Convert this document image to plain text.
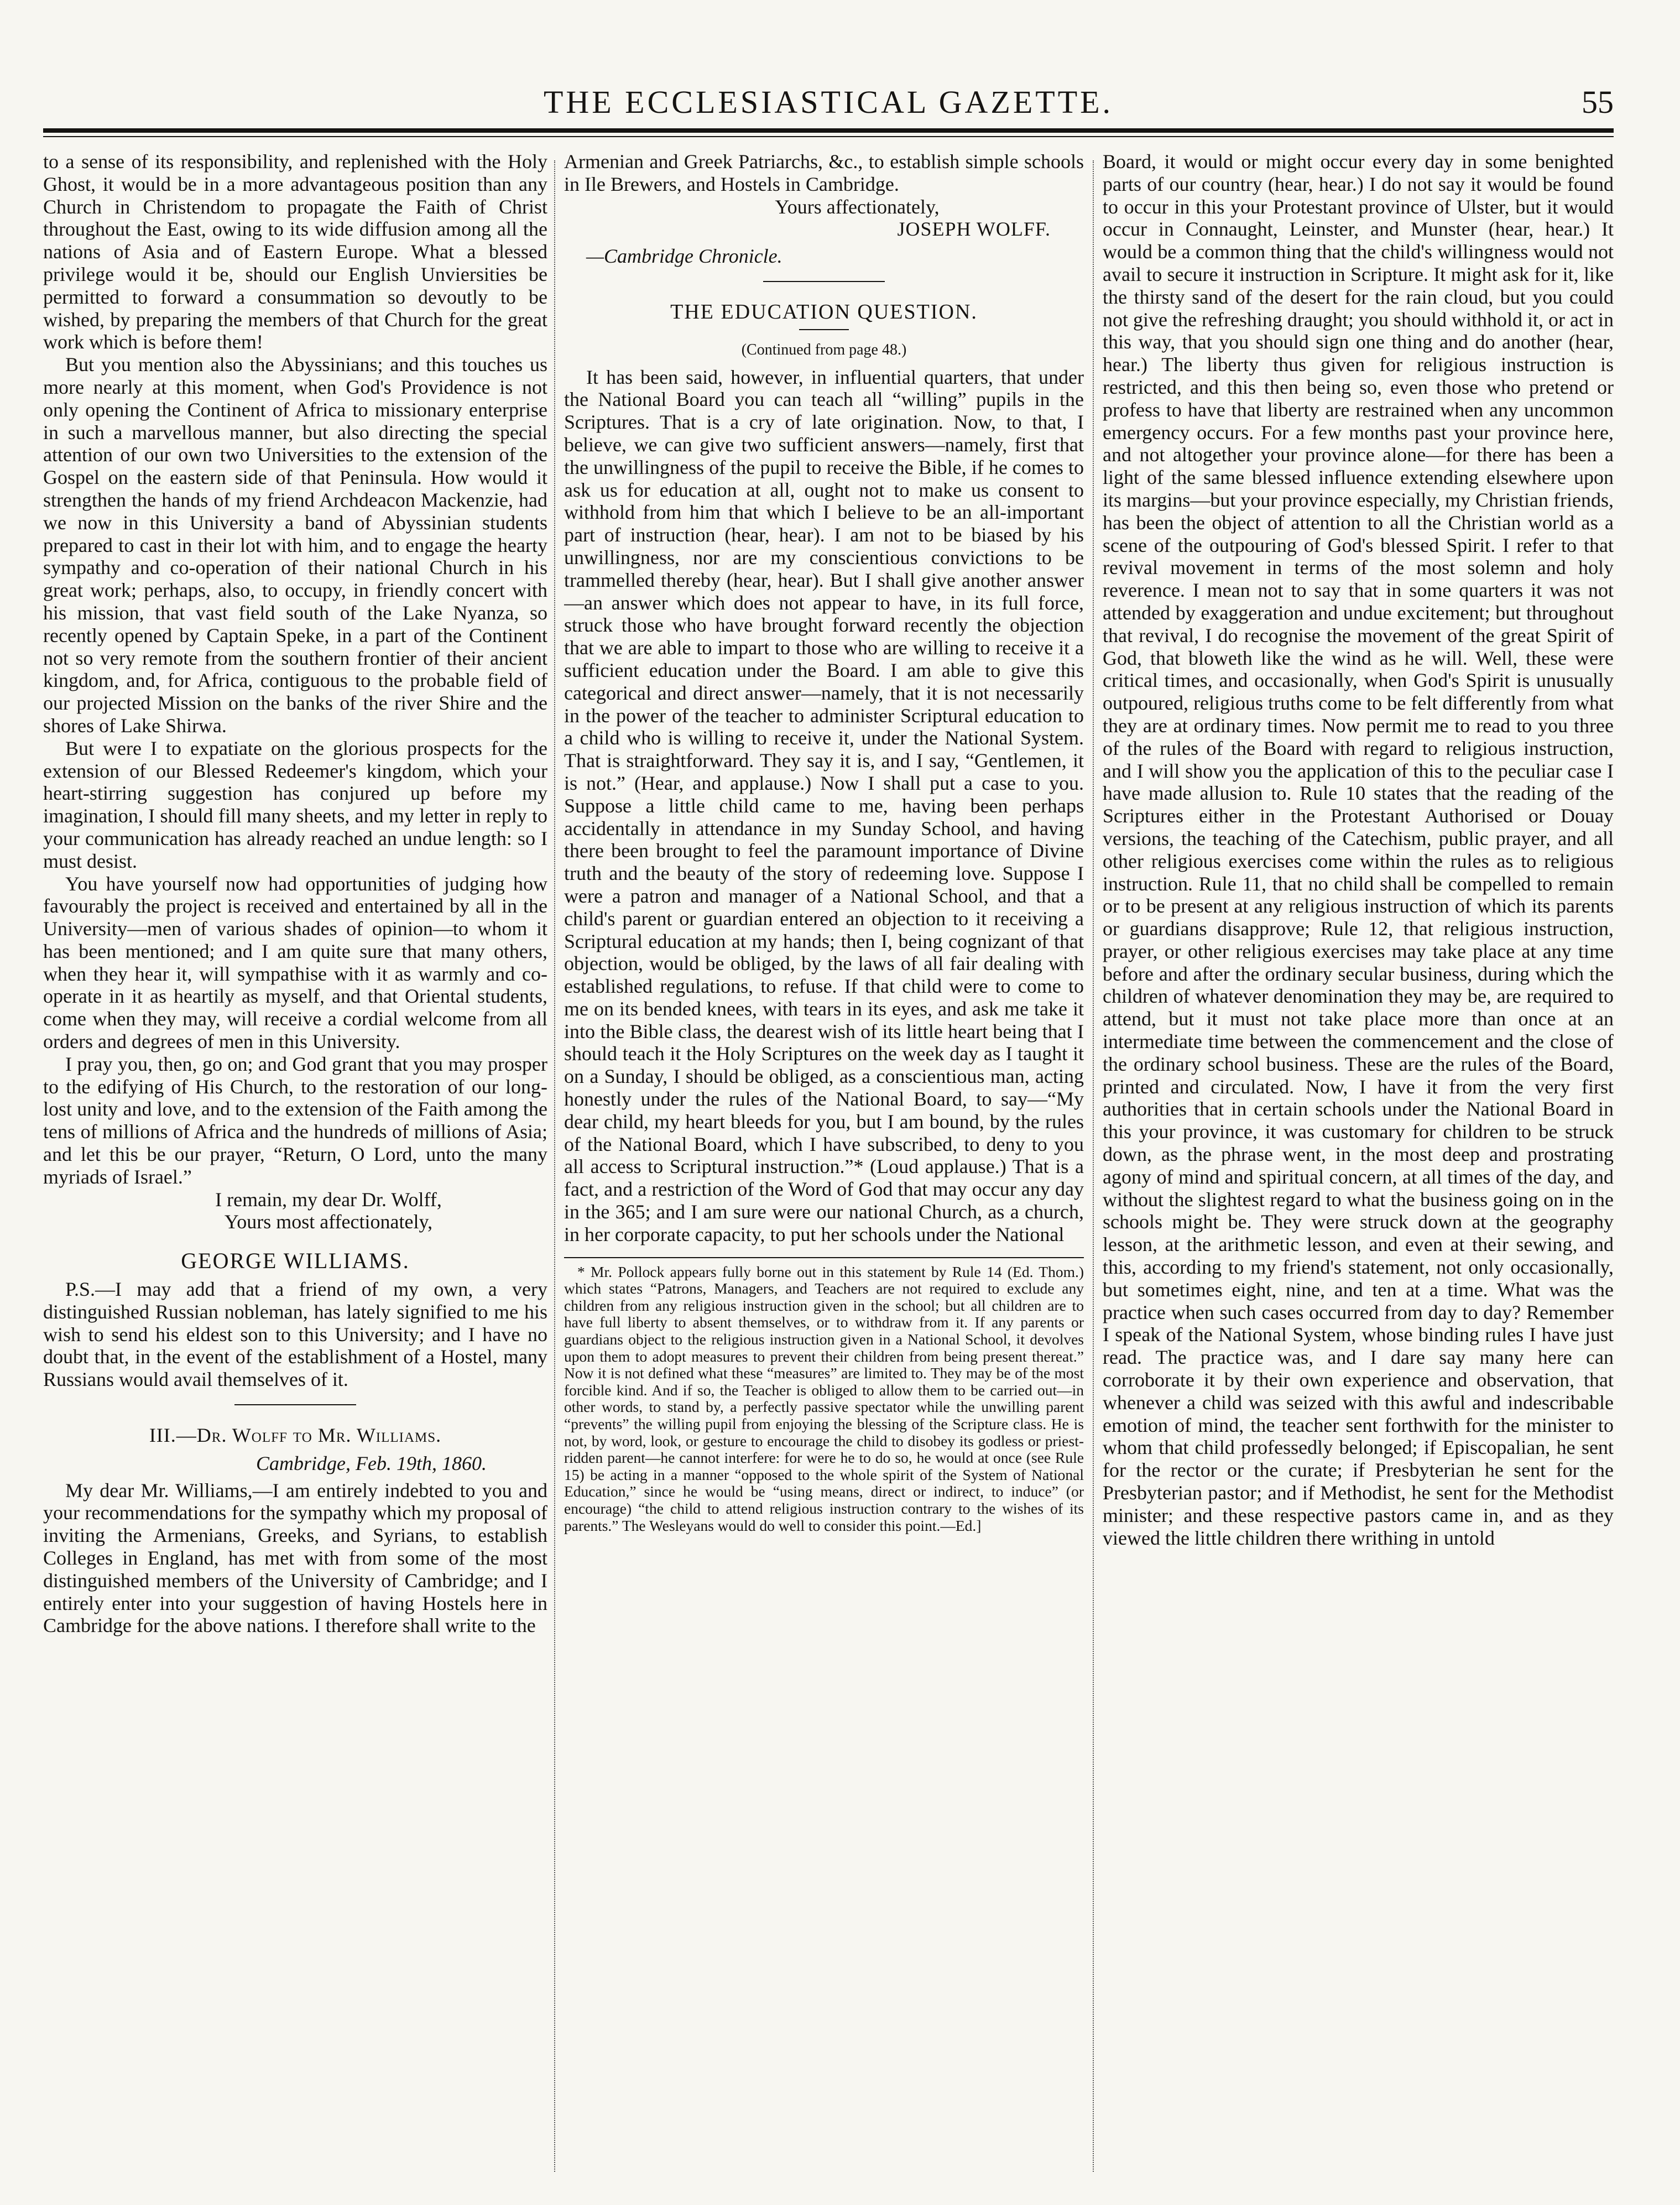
THE ECCLESIASTICAL GAZETTE.	55

to a sense of its responsibility, and replenished with the Holy Ghost, it would be in a more advantageous position than any Church in Christendom to propagate the Faith of Christ throughout the East, owing to its wide diffusion among all the nations of Asia and of Eastern Europe. What a blessed privilege would it be, should our English Unviersities be permitted to forward a consummation so devoutly to be wished, by preparing the members of that Church for the great work which is before them!

But you mention also the Abyssinians; and this touches us more nearly at this moment, when God's Providence is not only opening the Continent of Africa to missionary enterprise in such a marvellous manner, but also directing the special attention of our own two Universities to the extension of the Gospel on the eastern side of that Peninsula. How would it strengthen the hands of my friend Archdeacon Mackenzie, had we now in this University a band of Abyssinian students prepared to cast in their lot with him, and to engage the hearty sympathy and co-operation of their national Church in his great work; perhaps, also, to occupy, in friendly concert with his mission, that vast field south of the Lake Nyanza, so recently opened by Captain Speke, in a part of the Continent not so very remote from the southern frontier of their ancient kingdom, and, for Africa, contiguous to the probable field of our projected Mission on the banks of the river Shire and the shores of Lake Shirwa.

But were I to expatiate on the glorious prospects for the extension of our Blessed Redeemer's kingdom, which your heart-stirring suggestion has conjured up before my imagination, I should fill many sheets, and my letter in reply to your communication has already reached an undue length: so I must desist.

You have yourself now had opportunities of judging how favourably the project is received and entertained by all in the University—men of various shades of opinion—to whom it has been mentioned; and I am quite sure that many others, when they hear it, will sympathise with it as warmly and co-operate in it as heartily as myself, and that Oriental students, come when they may, will receive a cordial welcome from all orders and degrees of men in this University.

I pray you, then, go on; and God grant that you may prosper to the edifying of His Church, to the restoration of our long-lost unity and love, and to the extension of the Faith among the tens of millions of Africa and the hundreds of millions of Asia; and let this be our prayer, “Return, O Lord, unto the many myriads of Israel.”

I remain, my dear Dr. Wolff,

Yours most affectionately,

GEORGE WILLIAMS.

P.S.—I may add that a friend of my own, a very distinguished Russian nobleman, has lately signified to me his wish to send his eldest son to this University; and I have no doubt that, in the event of the establishment of a Hostel, many Russians would avail themselves of it.

III.—Dr. Wolff to Mr. Williams.

Cambridge, Feb. 19th, 1860.

My dear Mr. Williams,—I am entirely indebted to you and your recommendations for the sympathy which my proposal of inviting the Armenians, Greeks, and Syrians, to establish Colleges in England, has met with from some of the most distinguished members of the University of Cambridge; and I entirely enter into your suggestion of having Hostels here in Cambridge for the above nations. I therefore shall write to the

Armenian and Greek Patriarchs, &c., to establish simple schools in Ile Brewers, and Hostels in Cambridge.

Yours affectionately,

JOSEPH WOLFF.

—Cambridge Chronicle.

THE EDUCATION QUESTION.

(Continued from page 48.)

It has been said, however, in influential quarters, that under the National Board you can teach all “willing” pupils in the Scriptures. That is a cry of late origination. Now, to that, I believe, we can give two sufficient answers—namely, first that the unwillingness of the pupil to receive the Bible, if he comes to ask us for education at all, ought not to make us consent to withhold from him that which I believe to be an all-important part of instruction (hear, hear). I am not to be biased by his unwillingness, nor are my conscientious convictions to be trammelled thereby (hear, hear). But I shall give another answer—an answer which does not appear to have, in its full force, struck those who have brought forward recently the objection that we are able to impart to those who are willing to receive it a sufficient education under the Board. I am able to give this categorical and direct answer—namely, that it is not necessarily in the power of the teacher to administer Scriptural education to a child who is willing to receive it, under the National System. That is straightforward. They say it is, and I say, “Gentlemen, it is not.” (Hear, and applause.) Now I shall put a case to you. Suppose a little child came to me, having been perhaps accidentally in attendance in my Sunday School, and having there been brought to feel the paramount importance of Divine truth and the beauty of the story of redeeming love. Suppose I were a patron and manager of a National School, and that a child's parent or guardian entered an objection to it receiving a Scriptural education at my hands; then I, being cognizant of that objection, would be obliged, by the laws of all fair dealing with established regulations, to refuse. If that child were to come to me on its bended knees, with tears in its eyes, and ask me take it into the Bible class, the dearest wish of its little heart being that I should teach it the Holy Scriptures on the week day as I taught it on a Sunday, I should be obliged, as a conscientious man, acting honestly under the rules of the National Board, to say—“My dear child, my heart bleeds for you, but I am bound, by the rules of the National Board, which I have subscribed, to deny to you all access to Scriptural instruction.”* (Loud applause.) That is a fact, and a restriction of the Word of God that may occur any day in the 365; and I am sure were our national Church, as a church, in her corporate capacity, to put her schools under the National

* Mr. Pollock appears fully borne out in this statement by Rule 14 (Ed. Thom.) which states “Patrons, Managers, and Teachers are not required to exclude any children from any religious instruction given in the school; but all children are to have full liberty to absent themselves, or to withdraw from it. If any parents or guardians object to the religious instruction given in a National School, it devolves upon them to adopt measures to prevent their children from being present thereat.” Now it is not defined what these “measures” are limited to. They may be of the most forcible kind. And if so, the Teacher is obliged to allow them to be carried out—in other words, to stand by, a perfectly passive spectator while the unwilling parent “prevents” the willing pupil from enjoying the blessing of the Scripture class. He is not, by word, look, or gesture to encourage the child to disobey its godless or priest-ridden parent—he cannot interfere: for were he to do so, he would at once (see Rule 15) be acting in a manner “opposed to the whole spirit of the System of National Education,” since he would be “using means, direct or indirect, to induce” (or encourage) “the child to attend religious instruction contrary to the wishes of its parents.” The Wesleyans would do well to consider this point.—Ed.]

Board, it would or might occur every day in some benighted parts of our country (hear, hear.) I do not say it would be found to occur in this your Protestant province of Ulster, but it would occur in Connaught, Leinster, and Munster (hear, hear.) It would be a common thing that the child's willingness would not avail to secure it instruction in Scripture. It might ask for it, like the thirsty sand of the desert for the rain cloud, but you could not give the refreshing draught; you should withhold it, or act in this way, that you should sign one thing and do another (hear, hear.) The liberty thus given for religious instruction is restricted, and this then being so, even those who pretend or profess to have that liberty are restrained when any uncommon emergency occurs. For a few months past your province here, and not altogether your province alone—for there has been a light of the same blessed influence extending elsewhere upon its margins—but your province especially, my Christian friends, has been the object of attention to all the Christian world as a scene of the outpouring of God's blessed Spirit. I refer to that revival movement in terms of the most solemn and holy reverence. I mean not to say that in some quarters it was not attended by exaggeration and undue excitement; but throughout that revival, I do recognise the movement of the great Spirit of God, that bloweth like the wind as he will. Well, these were critical times, and occasionally, when God's Spirit is unusually outpoured, religious truths come to be felt differently from what they are at ordinary times. Now permit me to read to you three of the rules of the Board with regard to religious instruction, and I will show you the application of this to the peculiar case I have made allusion to. Rule 10 states that the reading of the Scriptures either in the Protestant Authorised or Douay versions, the teaching of the Catechism, public prayer, and all other religious exercises come within the rules as to religious instruction. Rule 11, that no child shall be compelled to remain or to be present at any religious instruction of which its parents or guardians disapprove; Rule 12, that religious instruction, prayer, or other religious exercises may take place at any time before and after the ordinary secular business, during which the children of whatever denomination they may be, are required to attend, but it must not take place more than once at an intermediate time between the commencement and the close of the ordinary school business. These are the rules of the Board, printed and circulated. Now, I have it from the very first authorities that in certain schools under the National Board in this your province, it was customary for children to be struck down, as the phrase went, in the most deep and prostrating agony of mind and spiritual concern, at all times of the day, and without the slightest regard to what the business going on in the schools might be. They were struck down at the geography lesson, at the arithmetic lesson, and even at their sewing, and this, according to my friend's statement, not only occasionally, but sometimes eight, nine, and ten at a time. What was the practice when such cases occurred from day to day? Remember I speak of the National System, whose binding rules I have just read. The practice was, and I dare say many here can corroborate it by their own experience and observation, that whenever a child was seized with this awful and indescribable emotion of mind, the teacher sent forthwith for the minister to whom that child professedly belonged; if Episcopalian, he sent for the rector or the curate; if Presbyterian he sent for the Presbyterian pastor; and if Methodist, he sent for the Methodist minister; and these respective pastors came in, and as they viewed the little children there writhing in untold
